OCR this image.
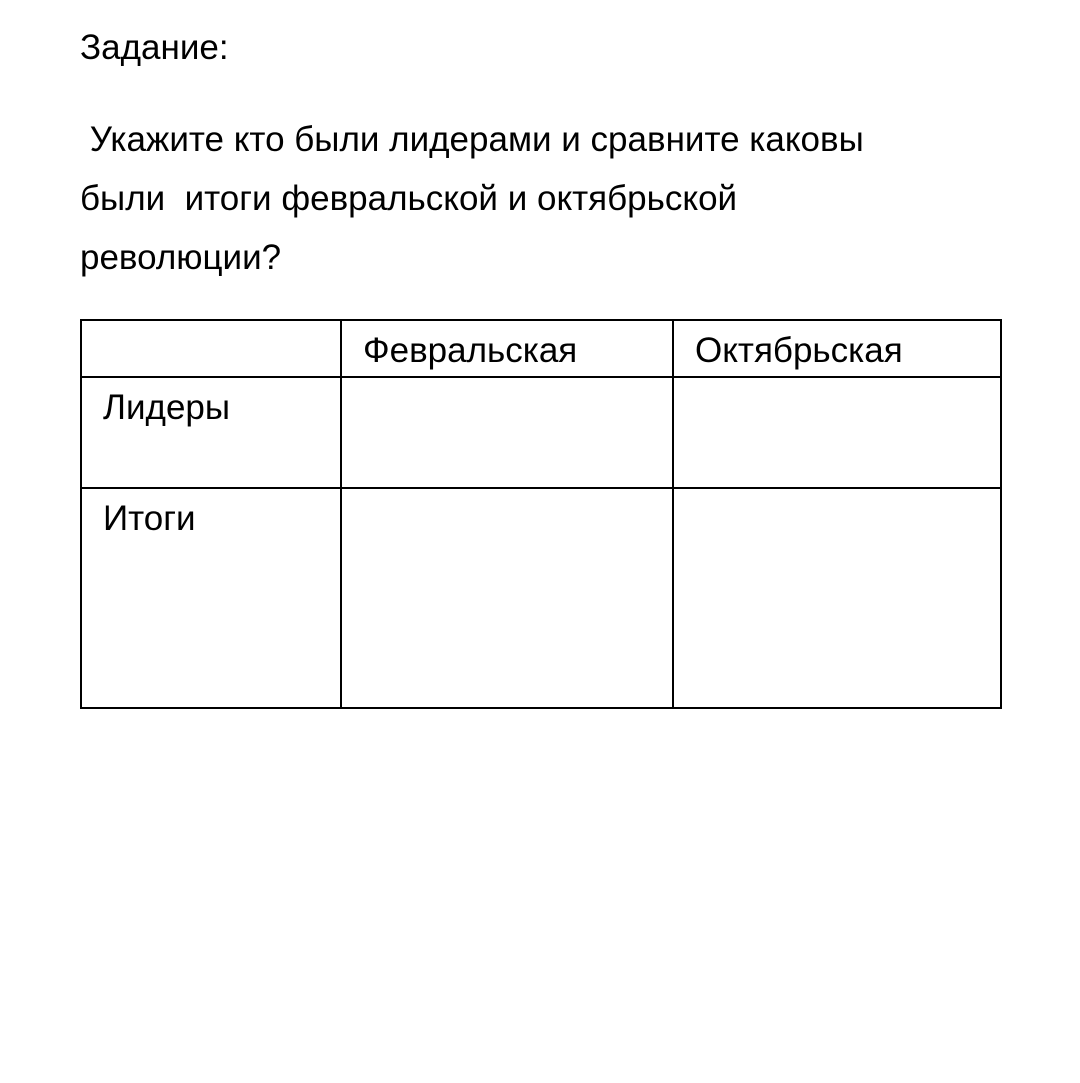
Задание:
Укажите кто были лидерами и сравните каковы
были  итоги февральской и октябрьской
революции?
	Февральская	Октябрьская
Лидеры		
Итоги		
